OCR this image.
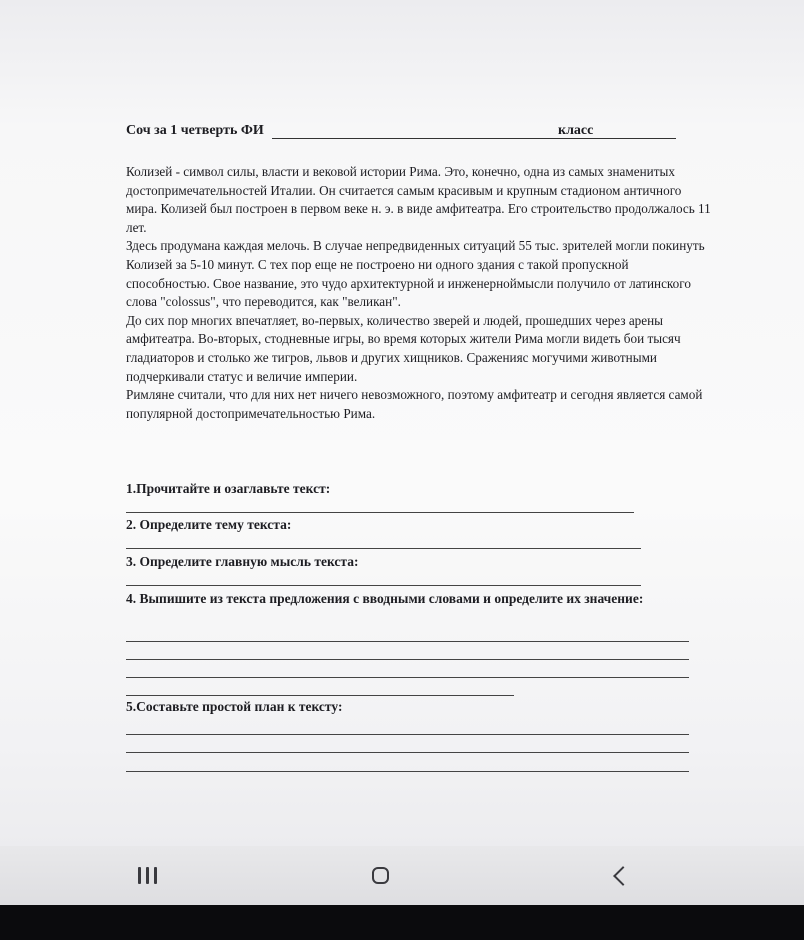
Соч за 1 четверть ФИ	класс

Колизей - символ силы, власти и вековой истории Рима. Это, конечно, одна из самых знаменитых достопримечательностей Италии. Он считается самым красивым и крупным стадионом античного мира. Колизей был построен в первом веке н. э. в виде амфитеатра. Его строительство продолжалось 11 лет.

Здесь продумана каждая мелочь. В случае непредвиденных ситуаций 55 тыс. зрителей могли покинуть Колизей за 5-10 минут. С тех пор еще не построено ни одного здания с такой пропускной способностью. Свое название, это чудо архитектурной и инженерноймысли получило от латинского слова "colossus", что переводится, как "великан".

До сих пор многих впечатляет, во-первых, количество зверей и людей, прошедших через арены амфитеатра. Во-вторых, стодневные игры, во время которых жители Рима могли видеть бои тысяч гладиаторов и столько же тигров, львов и других хищников. Сраженияс могучими животными подчеркивали статус и величие империи.

Римляне считали, что для них нет ничего невозможного, поэтому амфитеатр и сегодня является самой популярной достопримечательностью Рима.

1.Прочитайте и озаглавьте текст:
2. Определите тему текста:
3. Определите главную мысль текста:
4. Выпишите из текста предложения с вводными словами и определите их значение:
5.Составьте простой план к тексту:
